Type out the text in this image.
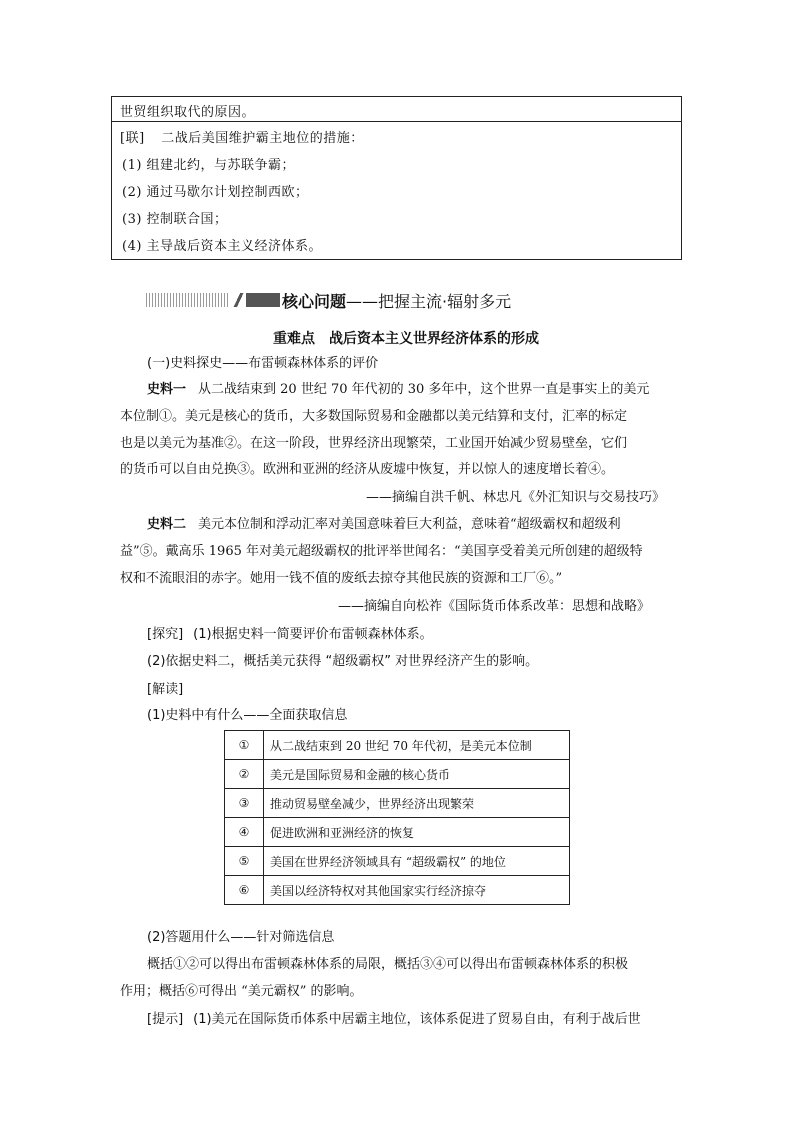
世贸组织取代的原因。
[联] 二战后美国维护霸主地位的措施：
(1) 组建北约，与苏联争霸；
(2) 通过马歇尔计划控制西欧；
(3) 控制联合国；
(4) 主导战后资本主义经济体系。
核心问题——把握主流·辐射多元
重难点　战后资本主义世界经济体系的形成
(一)史料探史——布雷顿森林体系的评价
史料一 从二战结束到 20 世纪 70 年代初的 30 多年中，这个世界一直是事实上的美元
本位制①。美元是核心的货币，大多数国际贸易和金融都以美元结算和支付，汇率的标定
也是以美元为基准②。在这一阶段，世界经济出现繁荣，工业国开始减少贸易壁垒，它们
的货币可以自由兑换③。欧洲和亚洲的经济从废墟中恢复，并以惊人的速度增长着④。
——摘编自洪千帆、林忠凡《外汇知识与交易技巧》
史料二 美元本位制和浮动汇率对美国意味着巨大利益，意味着“超级霸权和超级利
益”⑤。戴高乐 1965 年对美元超级霸权的批评举世闻名：“美国享受着美元所创建的超级特
权和不流眼泪的赤字。她用一钱不值的废纸去掠夺其他民族的资源和工厂⑥。”
——摘编自向松祚《国际货币体系改革：思想和战略》
[探究] (1)根据史料一简要评价布雷顿森林体系。
(2)依据史料二，概括美元获得 “超级霸权” 对世界经济产生的影响。
[解读]
(1)史料中有什么——全面获取信息
①	从二战结束到 20 世纪 70 年代初，是美元本位制
②	美元是国际贸易和金融的核心货币
③	推动贸易壁垒减少，世界经济出现繁荣
④	促进欧洲和亚洲经济的恢复
⑤	美国在世界经济领域具有 “超级霸权” 的地位
⑥	美国以经济特权对其他国家实行经济掠夺
(2)答题用什么——针对筛选信息
概括①②可以得出布雷顿森林体系的局限，概括③④可以得出布雷顿森林体系的积极
作用；概括⑥可得出 “美元霸权” 的影响。
[提示] (1)美元在国际货币体系中居霸主地位，该体系促进了贸易自由，有利于战后世
